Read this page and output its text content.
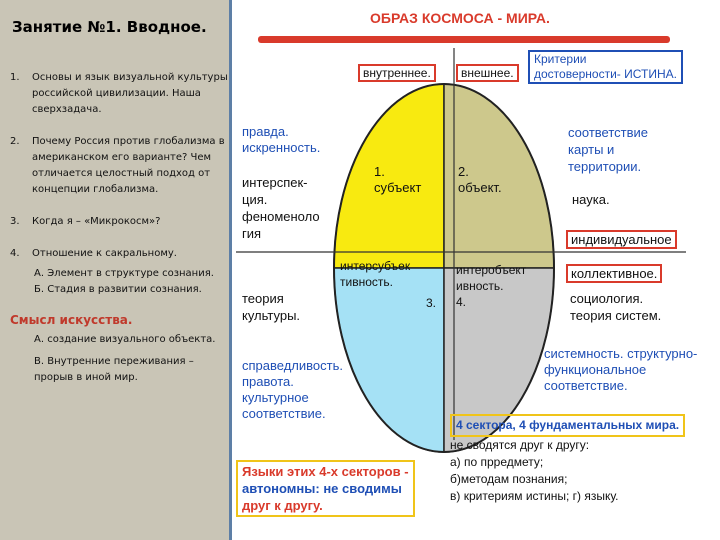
Занятие №1. Вводное.
1.	Основы и язык визуальной культуры российской цивилизации. Наша сверхзадача.
2.	Почему Россия против глобализма в американском его варианте? Чем отличается целостный подход от концепции глобализма.
3.	Когда я – «Микрокосм»?
4.	Отношение к сакральному.
А. Элемент в структуре сознания.
Б. Стадия в развитии сознания.
Смысл искусства.
А. создание визуального объекта.
В. Внутренние переживания – прорыв в иной мир.
ОБРАЗ КОСМОСА - МИРА.
внутреннее.	внешнее.
Критерии
достоверности- ИСТИНА.
1.
субъект
2.
объект.
интерсубъек
тивность.
3.
интеробъект
ивность.
4.
правда.
искренность.
интерспек-
ция.
феноменоло
гия
теория
культуры.
справедливость.
правота.
культурное
соответствие.
соответствие
карты и
территории.
наука.
индивидуальное
коллективное.
социология.
теория систем.
системность. структурно-
функциональное
соответствие.
Языки этих 4-х секторов -
автономны: не сводимы
друг к другу.
4 сектора, 4 фундаментальных мира.
не сводятся друг к другу:
а) по прредмету;
б)методам познания;
в) критериям истины; г) языку.
